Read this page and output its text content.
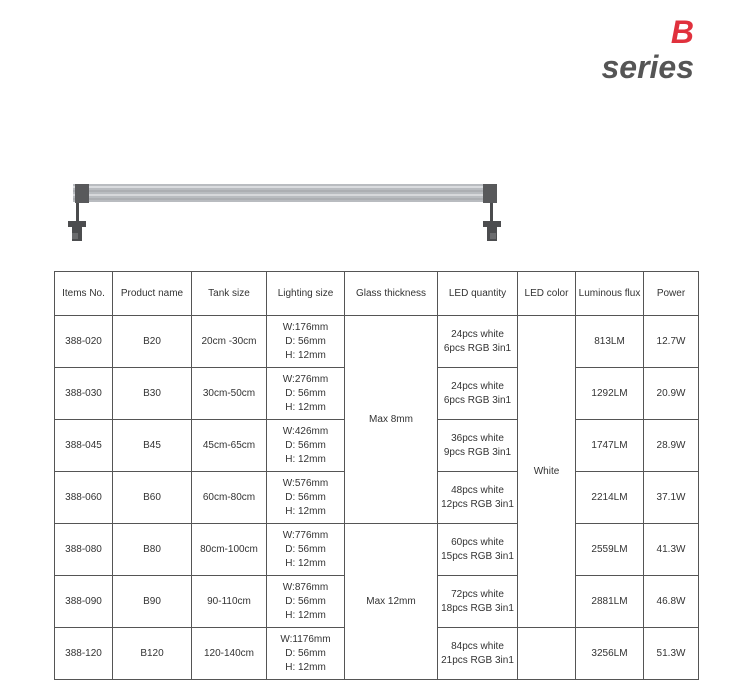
B
series
Items No.	Product name	Tank size	Lighting size	Glass thickness	LED quantity	LED color	Luminous flux	Power
388-020	B20	20cm -30cm	W:176mm
D: 56mm
H: 12mm	Max 8mm	24pcs white
6pcs RGB 3in1	White	813LM	12.7W
388-030	B30	30cm-50cm	W:276mm
D: 56mm
H: 12mm		24pcs white
6pcs RGB 3in1		1292LM	20.9W
388-045	B45	45cm-65cm	W:426mm
D: 56mm
H: 12mm		36pcs white
9pcs RGB 3in1		1747LM	28.9W
388-060	B60	60cm-80cm	W:576mm
D: 56mm
H: 12mm		48pcs white
12pcs RGB 3in1		2214LM	37.1W
388-080	B80	80cm-100cm	W:776mm
D: 56mm
H: 12mm	Max 12mm	60pcs white
15pcs RGB 3in1		2559LM	41.3W
388-090	B90	90-110cm	W:876mm
D: 56mm
H: 12mm		72pcs white
18pcs RGB 3in1		2881LM	46.8W
388-120	B120	120-140cm	W:1176mm
D: 56mm
H: 12mm		84pcs white
21pcs RGB 3in1		3256LM	51.3W
